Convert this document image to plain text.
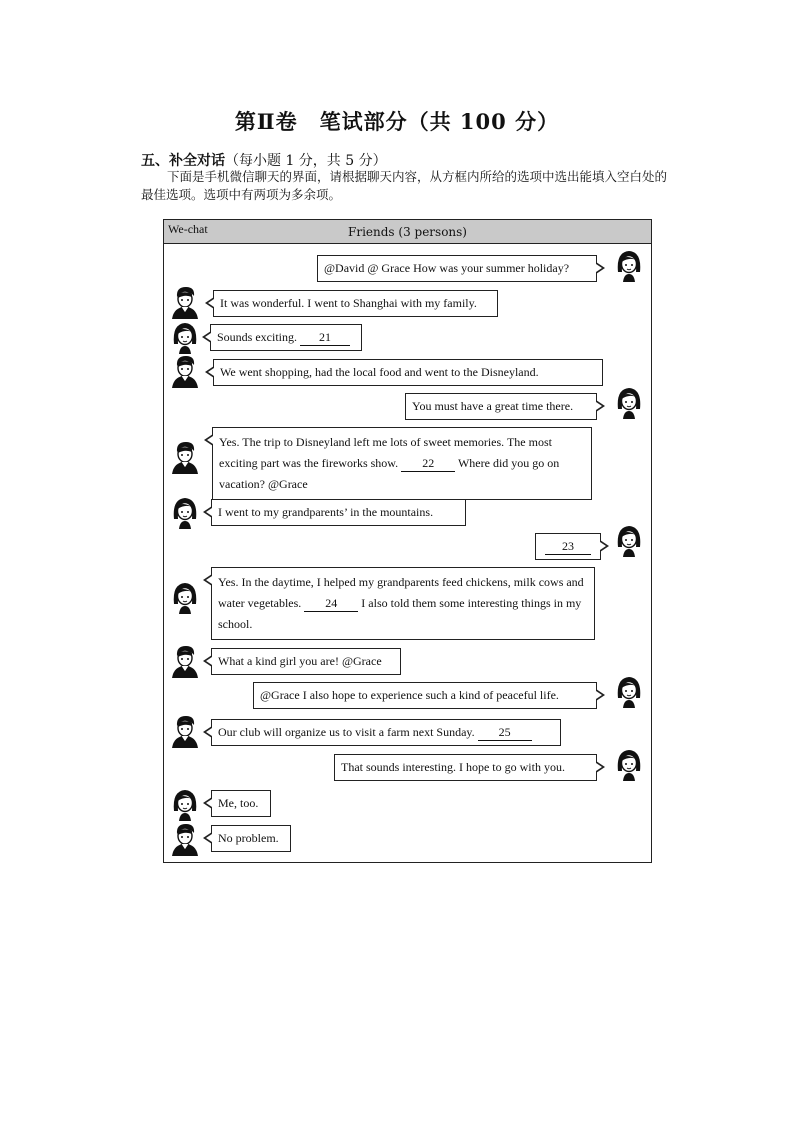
第Ⅱ卷　笔试部分（共 100 分）
五、补全对话（每小题 1 分，共 5 分）
下面是手机微信聊天的界面，请根据聊天内容，从方框内所给的选项中选出能填入空白处的最佳选项。选项中有两项为多余项。
We-chat	Friends (3 persons)
@David @ Grace How was your summer holiday?
It was wonderful. I went to Shanghai with my family.
Sounds exciting. 21
We went shopping, had the local food and went to the Disneyland.
You must have a great time there.
Yes. The trip to Disneyland left me lots of sweet memories. The most exciting part was the fireworks show. 22 Where did you go on vacation? @Grace
I went to my grandparents’ in the mountains.
23
Yes. In the daytime, I helped my grandparents feed chickens, milk cows and water vegetables. 24 I also told them some interesting things in my school.
What a kind girl you are! @Grace
@Grace I also hope to experience such a kind of peaceful life.
Our club will organize us to visit a farm next Sunday. 25
That sounds interesting. I hope to go with you.
Me, too.
No problem.
